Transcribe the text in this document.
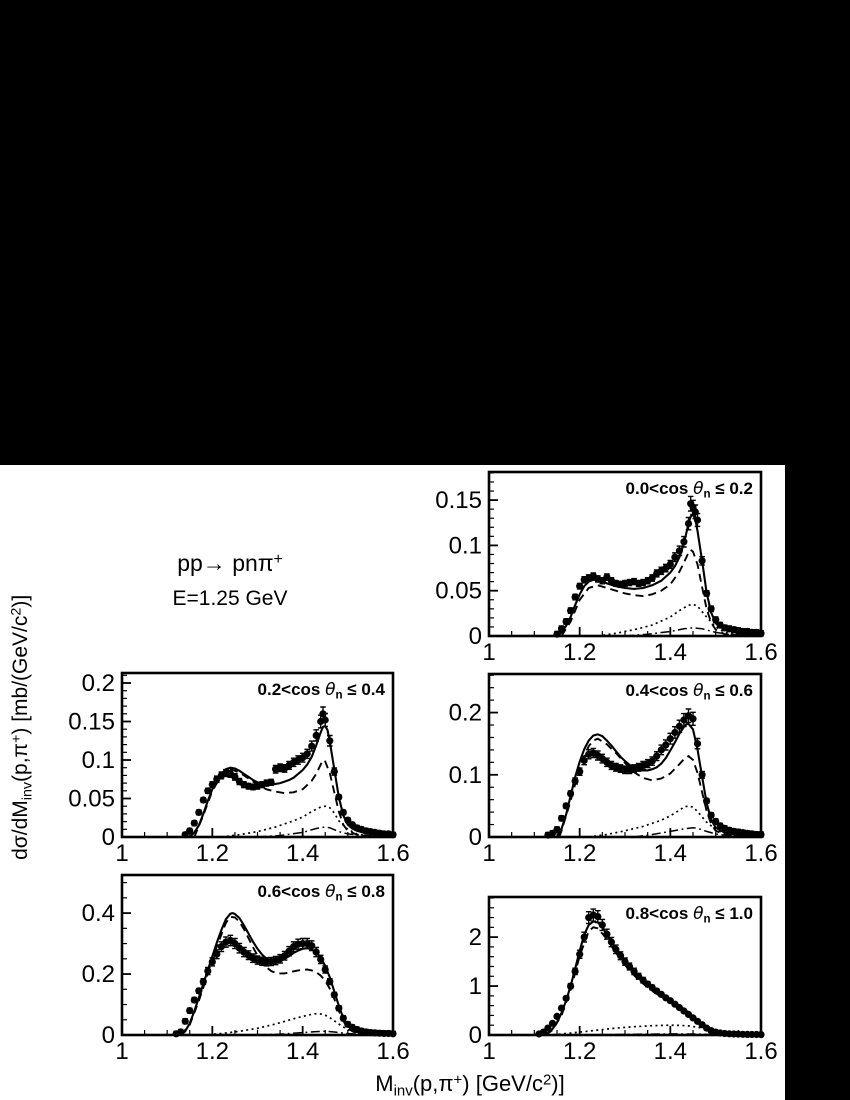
1	1.2 1.4 1.6
0
0.05
0.1
0.15
1	1.2 1.4 1.6
0
0.05
0.1
0.15
0.2
1	1.2 1.4 1.6
0
0.1
0.2
1	1.2 1.4 1.6
0
0.2
0.4
1	1.2 1.4 1.6
0
1
2
pp→ pnπ+
E=1.25 GeV
$d\sigma/dM_{inv}(p,\pi^+)$ $[mb/(GeV/c^2)]$
$M_{inv}(p,\pi^+)$ $[GeV/c^2)$]
0.0<cos $\theta_n \le 0.2$
0.2<cos $\theta_n \le 0.4$	0.4<cos $\theta_n \le 0.6$
0.6<cos $\theta_n \le 0.8$
0.8<cos $\theta_n \le 1.0$
